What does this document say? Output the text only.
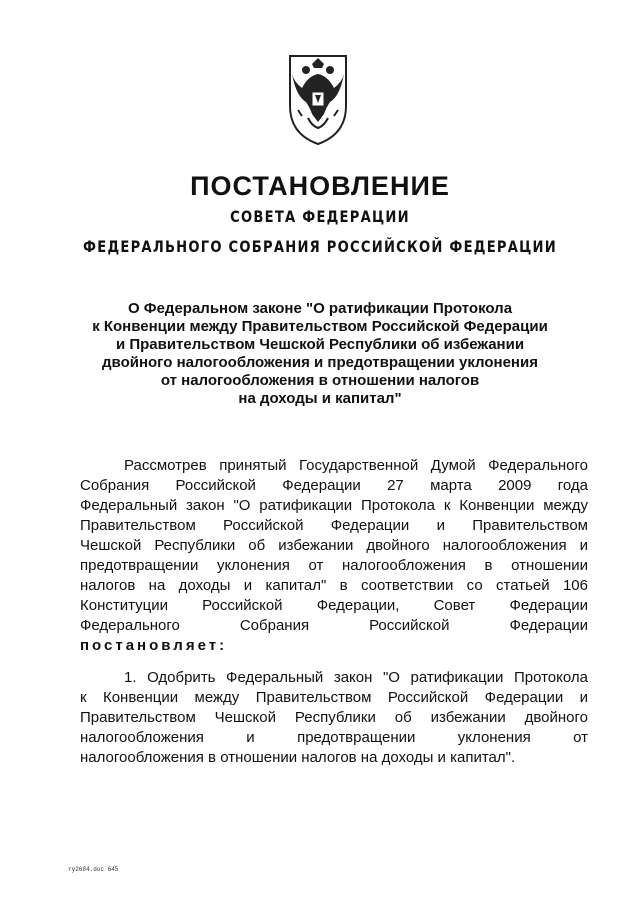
ПОСТАНОВЛЕНИЕ
СОВЕТА ФЕДЕРАЦИИ
ФЕДЕРАЛЬНОГО СОБРАНИЯ РОССИЙСКОЙ ФЕДЕРАЦИИ
О Федеральном законе "О ратификации Протокола
к Конвенции между Правительством Российской Федерации
и Правительством Чешской Республики об избежании
двойного налогообложения и предотвращении уклонения
от налогообложения в отношении налогов
на доходы и капитал"
Рассмотрев принятый Государственной Думой Федерального
Собрания Российской Федерации 27 марта 2009 года
Федеральный закон "О ратификации Протокола к Конвенции между
Правительством Российской Федерации и Правительством
Чешской Республики об избежании двойного налогообложения и
предотвращении уклонения от налогообложения в отношении
налогов на доходы и капитал" в соответствии со статьей 106
Конституции Российской Федерации, Совет Федерации
Федерального Собрания Российской Федерации
постановляет:
1. Одобрить Федеральный закон "О ратификации Протокола
к Конвенции между Правительством Российской Федерации и
Правительством Чешской Республики об избежании двойного
налогообложения и предотвращении уклонения от
налогообложения в отношении налогов на доходы и капитал".
ry2684.doc 645
